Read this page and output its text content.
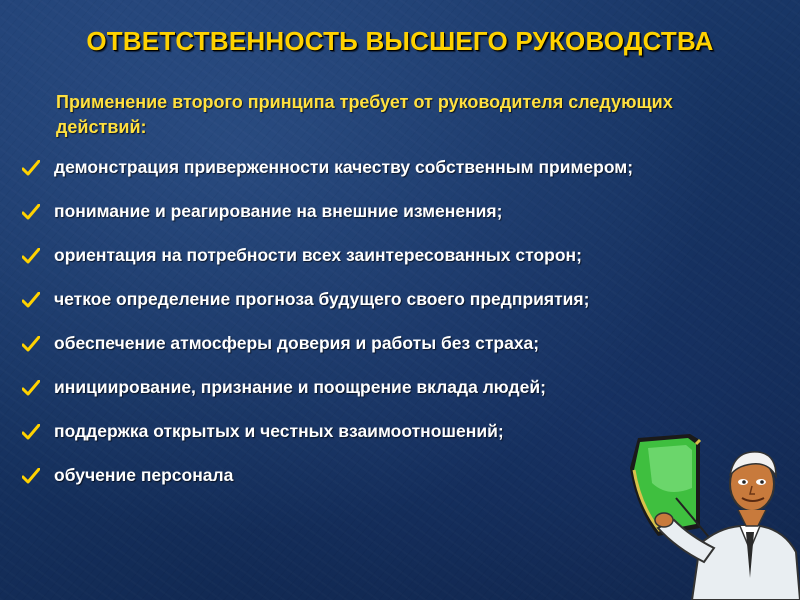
ОТВЕТСТВЕННОСТЬ ВЫСШЕГО РУКОВОДСТВА
Применение второго принципа требует от руководителя следующих действий:
демонстрация приверженности качеству собственным примером;
понимание и реагирование на внешние изменения;
ориентация на потребности всех заинтересованных сторон;
четкое определение прогноза будущего своего предприятия;
обеспечение атмосферы доверия и работы без страха;
инициирование, признание и поощрение вклада людей;
поддержка открытых и честных взаимоотношений;
обучение персонала
